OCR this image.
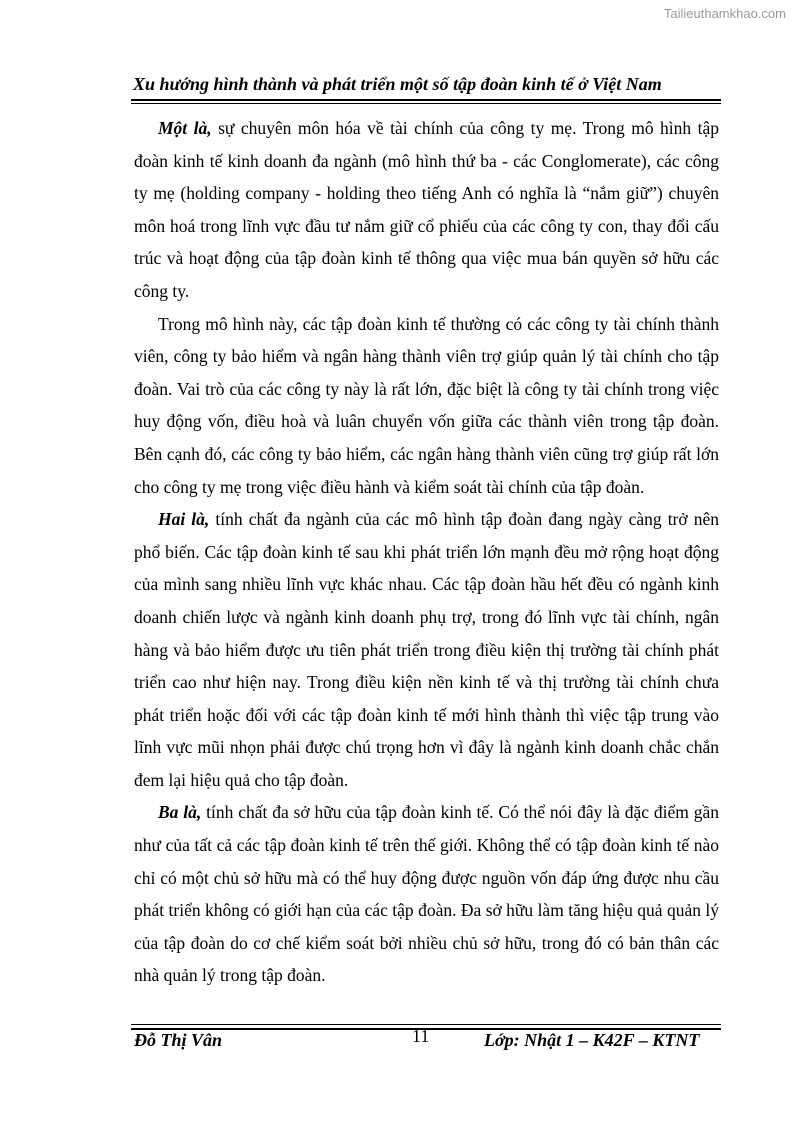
Tailieuthamkhao.com
Xu hướng hình thành và phát triển một số tập đoàn kinh tế ở Việt Nam

Một là, sự chuyên môn hóa về tài chính của công ty mẹ. Trong mô hình tập đoàn kinh tế kinh doanh đa ngành (mô hình thứ ba - các Conglomerate), các công ty mẹ (holding company - holding theo tiếng Anh có nghĩa là “nắm giữ”) chuyên môn hoá trong lĩnh vực đầu tư nắm giữ cổ phiếu của các công ty con, thay đổi cấu trúc và hoạt động của tập đoàn kinh tế thông qua việc mua bán quyền sở hữu các công ty.

Trong mô hình này, các tập đoàn kinh tế thường có các công ty tài chính thành viên, công ty bảo hiểm và ngân hàng thành viên trợ giúp quản lý tài chính cho tập đoàn. Vai trò của các công ty này là rất lớn, đặc biệt là công ty tài chính trong việc huy động vốn, điều hoà và luân chuyển vốn giữa các thành viên trong tập đoàn. Bên cạnh đó, các công ty bảo hiểm, các ngân hàng thành viên cũng trợ giúp rất lớn cho công ty mẹ trong việc điều hành và kiểm soát tài chính của tập đoàn.

Hai là, tính chất đa ngành của các mô hình tập đoàn đang ngày càng trở nên phổ biến. Các tập đoàn kinh tế sau khi phát triển lớn mạnh đều mở rộng hoạt động của mình sang nhiều lĩnh vực khác nhau. Các tập đoàn hầu hết đều có ngành kinh doanh chiến lược và ngành kinh doanh phụ trợ, trong đó lĩnh vực tài chính, ngân hàng và bảo hiểm được ưu tiên phát triển trong điều kiện thị trường tài chính phát triển cao như hiện nay. Trong điều kiện nền kinh tế và thị trường tài chính chưa phát triển hoặc đối với các tập đoàn kinh tế mới hình thành thì việc tập trung vào lĩnh vực mũi nhọn phải được chú trọng hơn vì đây là ngành kinh doanh chắc chắn đem lại hiệu quả cho tập đoàn.

Ba là, tính chất đa sở hữu của tập đoàn kinh tế. Có thể nói đây là đặc điểm gần như của tất cả các tập đoàn kinh tế trên thế giới. Không thể có tập đoàn kinh tế nào chỉ có một chủ sở hữu mà có thể huy động được nguồn vốn đáp ứng được nhu cầu phát triển không có giới hạn của các tập đoàn. Đa sở hữu làm tăng hiệu quả quản lý của tập đoàn do cơ chế kiểm soát bởi nhiều chủ sở hữu, trong đó có bản thân các nhà quản lý trong tập đoàn.

Đỗ Thị Vân	11	Lớp: Nhật 1 – K42F – KTNT
